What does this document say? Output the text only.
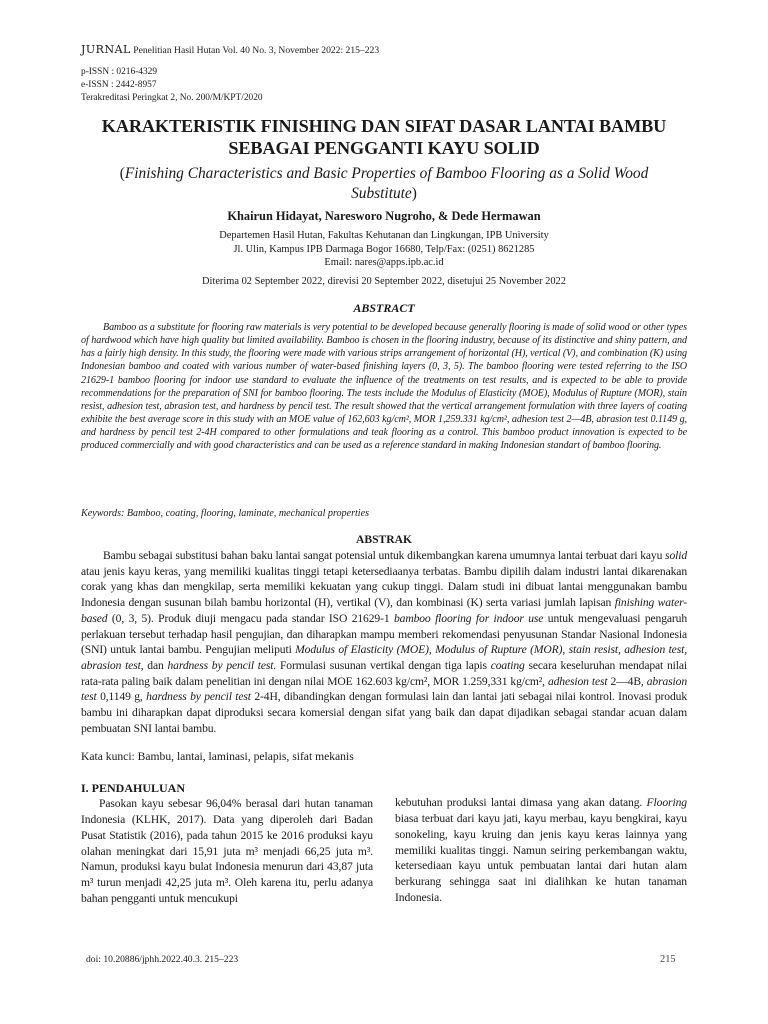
JURNAL Penelitian Hasil Hutan Vol. 40 No. 3, November 2022: 215–223
p-ISSN : 0216-4329
e-ISSN : 2442-8957
Terakreditasi Peringkat 2, No. 200/M/KPT/2020
KARAKTERISTIK FINISHING DAN SIFAT DASAR LANTAI BAMBU SEBAGAI PENGGANTI KAYU SOLID
(Finishing Characteristics and Basic Properties of Bamboo Flooring as a Solid Wood Substitute)
Khairun Hidayat, Naresworo Nugroho, & Dede Hermawan
Departemen Hasil Hutan, Fakultas Kehutanan dan Lingkungan, IPB University
Jl. Ulin, Kampus IPB Darmaga Bogor 16680, Telp/Fax: (0251) 8621285
Email: nares@apps.ipb.ac.id
Diterima 02 September 2022, direvisi 20 September 2022, disetujui 25 November 2022
ABSTRACT
Bamboo as a substitute for flooring raw materials is very potential to be developed because generally flooring is made of solid wood or other types of hardwood which have high quality but limited availability. Bamboo is chosen in the flooring industry, because of its distinctive and shiny pattern, and has a fairly high density. In this study, the flooring were made with various strips arrangement of horizontal (H), vertical (V), and combination (K) using Indonesian bamboo and coated with various number of water-based finishing layers (0, 3, 5). The bamboo flooring were tested referring to the ISO 21629-1 bamboo flooring for indoor use standard to evaluate the influence of the treatments on test results, and is expected to be able to provide recommendations for the preparation of SNI for bamboo flooring. The tests include the Modulus of Elasticity (MOE), Modulus of Rupture (MOR), stain resist, adhesion test, abrasion test, and hardness by pencil test. The result showed that the vertical arrangement formulation with three layers of coating exhibite the best average score in this study with an MOE value of 162,603 kg/cm², MOR 1,259.331 kg/cm², adhesion test 2—4B, abrasion test 0.1149 g, and hardness by pencil test 2-4H compared to other formulations and teak flooring as a control. This bamboo product innovation is expected to be produced commercially and with good characteristics and can be used as a reference standard in making Indonesian standart of bamboo flooring.
Keywords: Bamboo, coating, flooring, laminate, mechanical properties
ABSTRAK
Bambu sebagai substitusi bahan baku lantai sangat potensial untuk dikembangkan karena umumnya lantai terbuat dari kayu solid atau jenis kayu keras, yang memiliki kualitas tinggi tetapi ketersediaanya terbatas. Bambu dipilih dalam industri lantai dikarenakan corak yang khas dan mengkilap, serta memiliki kekuatan yang cukup tinggi. Dalam studi ini dibuat lantai menggunakan bambu Indonesia dengan susunan bilah bambu horizontal (H), vertikal (V), dan kombinasi (K) serta variasi jumlah lapisan finishing water-based (0, 3, 5). Produk diuji mengacu pada standar ISO 21629-1 bamboo flooring for indoor use untuk mengevaluasi pengaruh perlakuan tersebut terhadap hasil pengujian, dan diharapkan mampu memberi rekomendasi penyusunan Standar Nasional Indonesia (SNI) untuk lantai bambu. Pengujian meliputi Modulus of Elasticity (MOE), Modulus of Rupture (MOR), stain resist, adhesion test, abrasion test, dan hardness by pencil test. Formulasi susunan vertikal dengan tiga lapis coating secara keseluruhan mendapat nilai rata-rata paling baik dalam penelitian ini dengan nilai MOE 162.603 kg/cm², MOR 1.259,331 kg/cm², adhesion test 2—4B, abrasion test 0,1149 g, hardness by pencil test 2-4H, dibandingkan dengan formulasi lain dan lantai jati sebagai nilai kontrol. Inovasi produk bambu ini diharapkan dapat diproduksi secara komersial dengan sifat yang baik dan dapat dijadikan sebagai standar acuan dalam pembuatan SNI lantai bambu.
Kata kunci: Bambu, lantai, laminasi, pelapis, sifat mekanis
I. PENDAHULUAN

Pasokan kayu sebesar 96,04% berasal dari hutan tanaman Indonesia (KLHK, 2017). Data yang diperoleh dari Badan Pusat Statistik (2016), pada tahun 2015 ke 2016 produksi kayu olahan meningkat dari 15,91 juta m³ menjadi 66,25 juta m³. Namun, produksi kayu bulat Indonesia menurun dari 43,87 juta m³ turun menjadi 42,25 juta m³. Oleh karena itu, perlu adanya bahan pengganti untuk mencukupi

kebutuhan produksi lantai dimasa yang akan datang. Flooring biasa terbuat dari kayu jati, kayu merbau, kayu bengkirai, kayu sonokeling, kayu kruing dan jenis kayu keras lainnya yang memiliki kualitas tinggi. Namun seiring perkembangan waktu, ketersediaan kayu untuk pembuatan lantai dari hutan alam berkurang sehingga saat ini dialihkan ke hutan tanaman Indonesia.

doi: 10.20886/jphh.2022.40.3. 215–223	215
